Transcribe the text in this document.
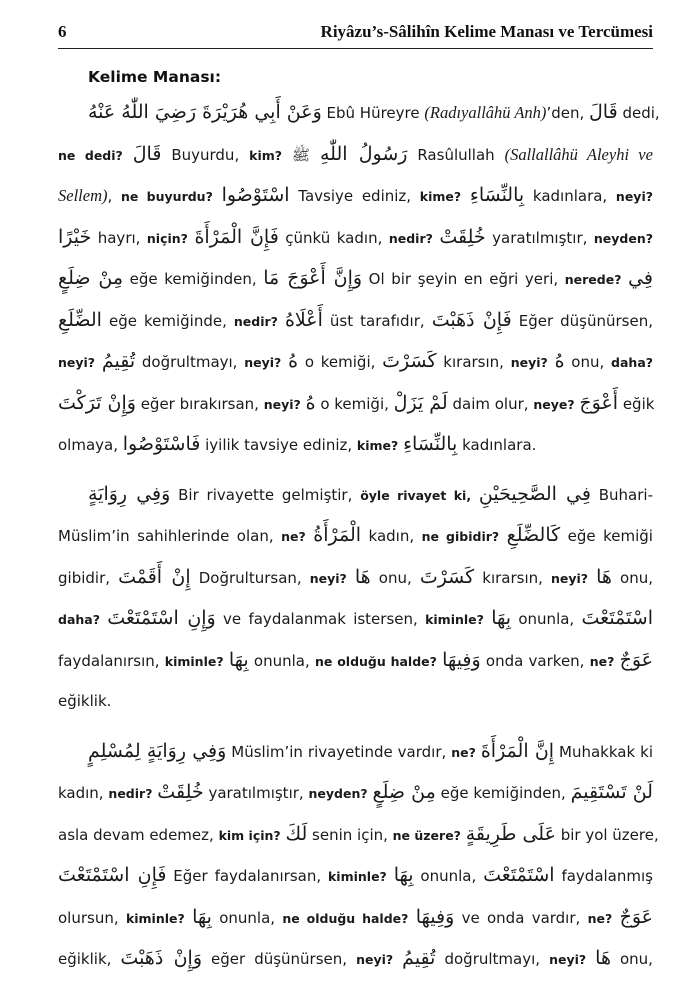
6	Riyâzu’s-Sâlihîn Kelime Manası ve Tercümesi
Kelime Manası:
وَعَنْ أَبِي هُرَيْرَةَ رَضِيَ اللّٰهُ عَنْهُ Ebû Hüreyre (Radıyallâhü Anh)’den, قَالَ dedi,
ne dedi? قَالَ Buyurdu, kim? ﷺ رَسُولُ اللّٰهِ Rasûlullah (Sallallâhü Aleyhi ve
Sellem), ne buyurdu? اسْتَوْصُوا Tavsiye ediniz, kime? بِالنِّسَاءِ kadınlara, neyi?
خَيْرًا hayrı, niçin? فَإِنَّ الْمَرْأَةَ çünkü kadın, nedir? خُلِقَتْ yaratılmıştır, neyden?
مِنْ ضِلَعٍ eğe kemiğinden, وَإِنَّ أَعْوَجَ مَا Ol bir şeyin en eğri yeri, nerede? فِي
الضِّلَعِ eğe kemiğinde, nedir? أَعْلَاهُ üst tarafıdır, فَإِنْ ذَهَبْتَ Eğer düşünürsen,
neyi? تُقِيمُ doğrultmayı, neyi? هُ o kemiği, كَسَرْتَ kırarsın, neyi? هُ onu, daha?
وَإِنْ تَرَكْتَ eğer bırakırsan, neyi? هُ o kemiği, لَمْ يَزَلْ daim olur, neye? أَعْوَجَ eğik
olmaya, فَاسْتَوْصُوا iyilik tavsiye ediniz, kime? بِالنِّسَاءِ kadınlara.
وَفِي رِوَايَةٍ Bir rivayette gelmiştir, öyle rivayet ki, فِي الصَّحِيحَيْنِ Buhari-
Müslim’in sahihlerinde olan, ne? الْمَرْأَةُ kadın, ne gibidir? كَالضِّلَعِ eğe kemiği
gibidir, إِنْ أَقَمْتَ Doğrultursan, neyi? هَا onu, كَسَرْتَ kırarsın, neyi? هَا onu,
daha? وَإِنِ اسْتَمْتَعْتَ ve faydalanmak istersen, kiminle? بِهَا onunla, اسْتَمْتَعْتَ
faydalanırsın, kiminle? بِهَا onunla, ne olduğu halde? وَفِيهَا onda varken, ne? عَوَجٌ
eğiklik.
وَفِي رِوَايَةٍ لِمُسْلِمٍ Müslim’in rivayetinde vardır, ne? إِنَّ الْمَرْأَةَ Muhakkak ki
kadın, nedir? خُلِقَتْ yaratılmıştır, neyden? مِنْ ضِلَعٍ eğe kemiğinden, لَنْ تَسْتَقِيمَ
asla devam edemez, kim için? لَكَ senin için, ne üzere? عَلَى طَرِيقَةٍ bir yol üzere,
فَإِنِ اسْتَمْتَعْتَ Eğer faydalanırsan, kiminle? بِهَا onunla, اسْتَمْتَعْتَ faydalanmış
olursun, kiminle? بِهَا onunla, ne olduğu halde? وَفِيهَا ve onda vardır, ne? عَوَجٌ
eğiklik, وَإِنْ ذَهَبْتَ eğer düşünürsen, neyi? تُقِيمُ doğrultmayı, neyi? هَا onu,
